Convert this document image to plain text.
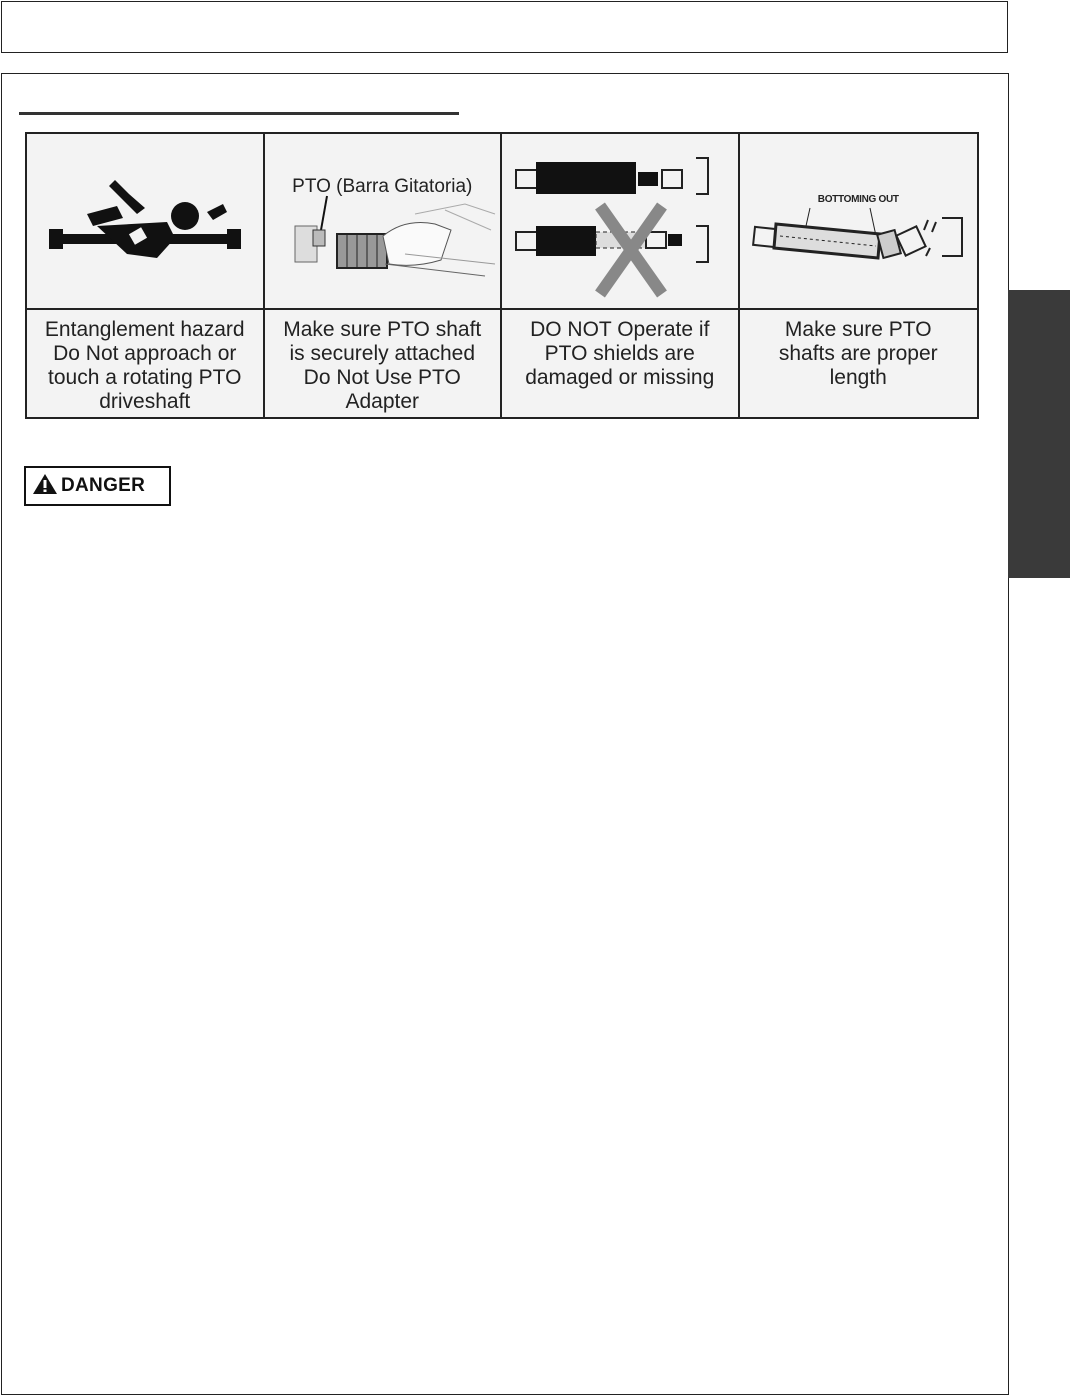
PTO (Barra Gitatoria)
BOTTOMING OUT
Entanglement hazard
Do Not approach or
touch a rotating PTO
driveshaft
Make sure PTO shaft
is securely attached
Do Not Use PTO
Adapter
DO NOT Operate if
PTO shields are
damaged or missing
Make sure PTO
shafts are proper
length
DANGER
